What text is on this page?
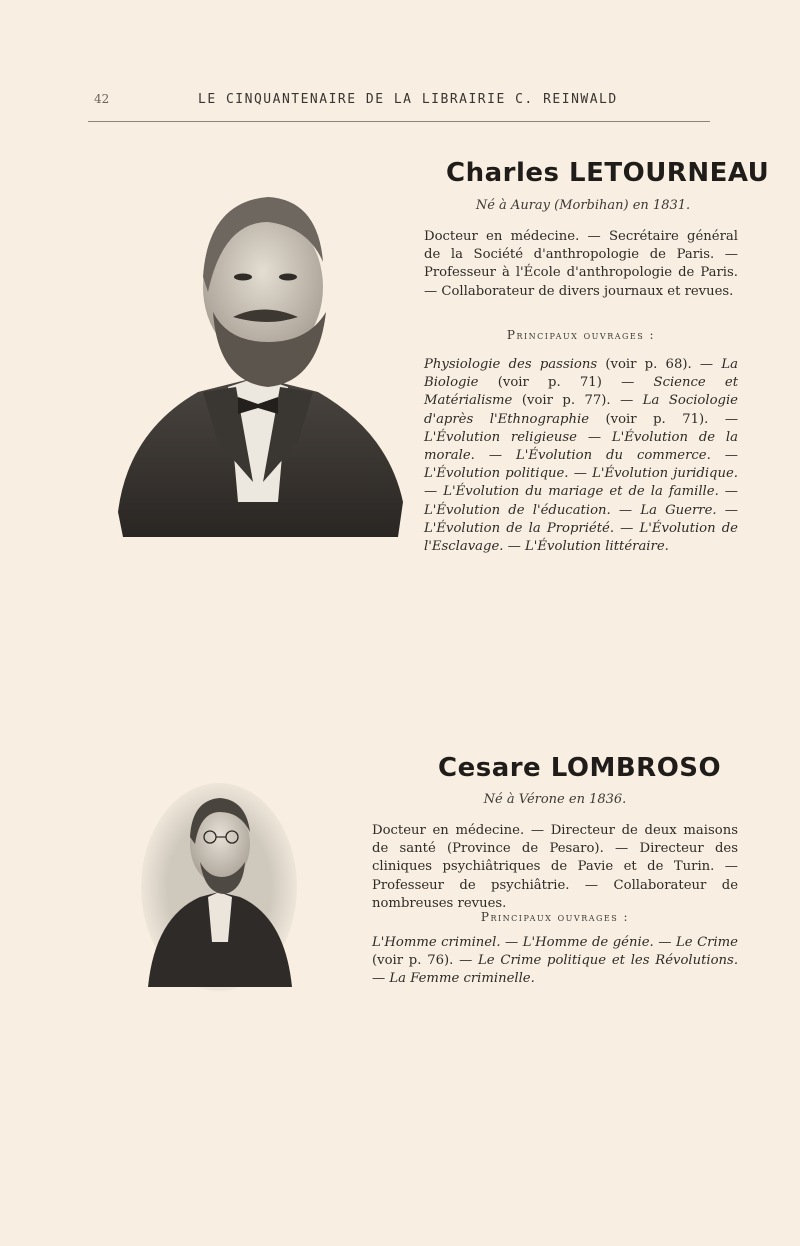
42	LE CINQUANTENAIRE DE LA LIBRAIRIE C. REINWALD
Charles LETOURNEAU
Né à Auray (Morbihan) en 1831.
Docteur en médecine. — Secrétaire général de la Société d'anthropologie de Paris. — Professeur à l'École d'anthropologie de Paris. — Collaborateur de divers journaux et revues.
Principaux ouvrages :
Physiologie des passions (voir p. 68). — La Biologie (voir p. 71) — Science et Matérialisme (voir p. 77). — La Sociologie d'après l'Ethnographie (voir p. 71). — L'Évolution religieuse — L'Évolution de la morale. — L'Évolution du commerce. — L'Évolution politique. — L'Évolution juridique. — L'Évolution du mariage et de la famille. — L'Évolution de l'éducation. — La Guerre. — L'Évolution de la Propriété. — L'Évolution de l'Esclavage. — L'Évolution littéraire.
Cesare LOMBROSO
Né à Vérone en 1836.
Docteur en médecine. — Directeur de deux maisons de santé (Province de Pesaro). — Directeur des cliniques psychiâtriques de Pavie et de Turin. — Professeur de psychiâtrie. — Collaborateur de nombreuses revues.
Principaux ouvrages :
L'Homme criminel. — L'Homme de génie. — Le Crime (voir p. 76). — Le Crime politique et les Révolutions. — La Femme criminelle.
